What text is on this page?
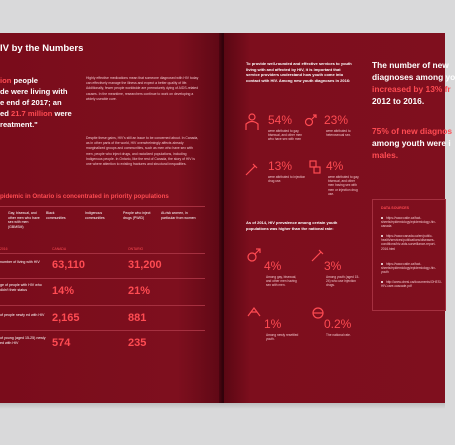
IV by the Numbers
ion people
de were living with
e end of 2017; an
ed 21.7 million were
reatment."
Highly effective medications mean that someone diagnosed with HIV today can effectively manage the illness and expect a better quality of life. Additionally, fewer people worldwide are prematurely dying of AIDS-related causes. In the meantime, researchers continue to work on developing a widely useable cure.
Despite these gains, HIV's still an issue to be concerned about. In Canada, as in other parts of the world, HIV overwhelmingly affects already marginalized groups and communities, such as men who have sex with men, people who inject drugs, and racialized populations, including Indigenous people. In Ontario, like the rest of Canada, the story of HIV is one where attention to existing fractures and structural inequalities.
pidemic in Ontario is concentrated in priority populations
Gay, bisexual, and other men who have sex with men (GBMSM)
Black communities
Indigenous communities
People who inject drugs (PWID)
At-risk women, in particular from women
2016	CANADA	ONTARIO
number of living with HIV	63,110	31,200
ge of people with HIV who didn't their status	14%	21%
of people newly ed with HIV 2,165	881
of young (aged 15-25) newly ed with HIV	574	235
To provide well-rounded and effective services to youth living with and affected by HIV, it is important that service providers understand how youth come into contact with HIV. Among new youth diagnoses in 2016:
54%
were attributed to gay, bisexual, and other men who have sex with men
23%
were attributed to heterosexual sex.
13%
were attributed to injection drug use.
4%
were attributed to gay, bisexual, and other men having sex with men or injection drug use.
As of 2014, HIV prevalence among certain youth populations was higher than the national rate:
4%
Among gay, bisexual, and other men having sex with men.
3%
Among youth (aged 15-24) who use injection drugs.
1%
Among newly resettled youth.
0.2%
The national rate.
The number of new
diagnoses among yo
increased by 13% fr
2012 to 2016.
75% of new diagnos
among youth were i
males.
DATA SOURCES
https://www.catie.ca/fact-sheets/epidemiology/epidemiology-hiv-canada
https://www.canada.ca/en/public-health/services/publications/diseases-conditions/hiv-aids-surveillance-report-2016.html
https://www.catie.ca/fact-sheets/epidemiology/epidemiology-hiv-youth
http://www.ohesi.ca/documents/OHESI-HIV-care-cascade.pdf
